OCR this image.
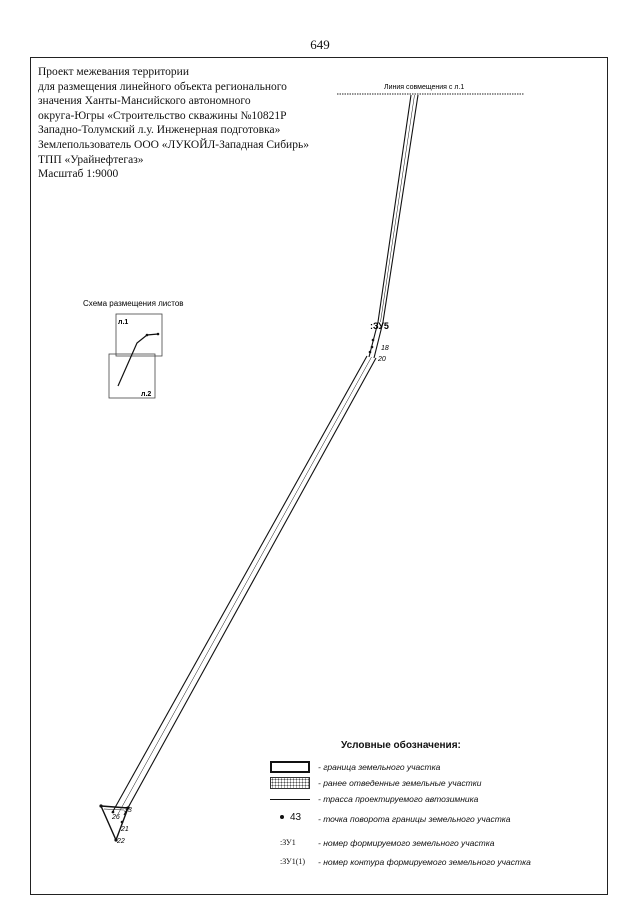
649
Проект межевания территории
для размещения линейного объекта регионального
значения Ханты-Мансийского автономного
округа-Югры «Строительство скважины №10821Р
Западно-Толумский л.у. Инженерная подготовка»
Землепользователь ООО «ЛУКОЙЛ-Западная Сибирь»
ТПП «Урайнефтегаз»
Масштаб 1:9000
Линия совмещения с л.1
:ЗУ5
18
20
33
26
21
22
Схема размещения листов
л.1
л.2
Условные обозначения:
- граница земельного участка
- ранее отведенные земельные участки
- трасса проектируемого автозимника
43	- точка поворота границы земельного участка
:ЗУ1	- номер формируемого земельного участка
:ЗУ1(1)	- номер контура формируемого земельного участка
